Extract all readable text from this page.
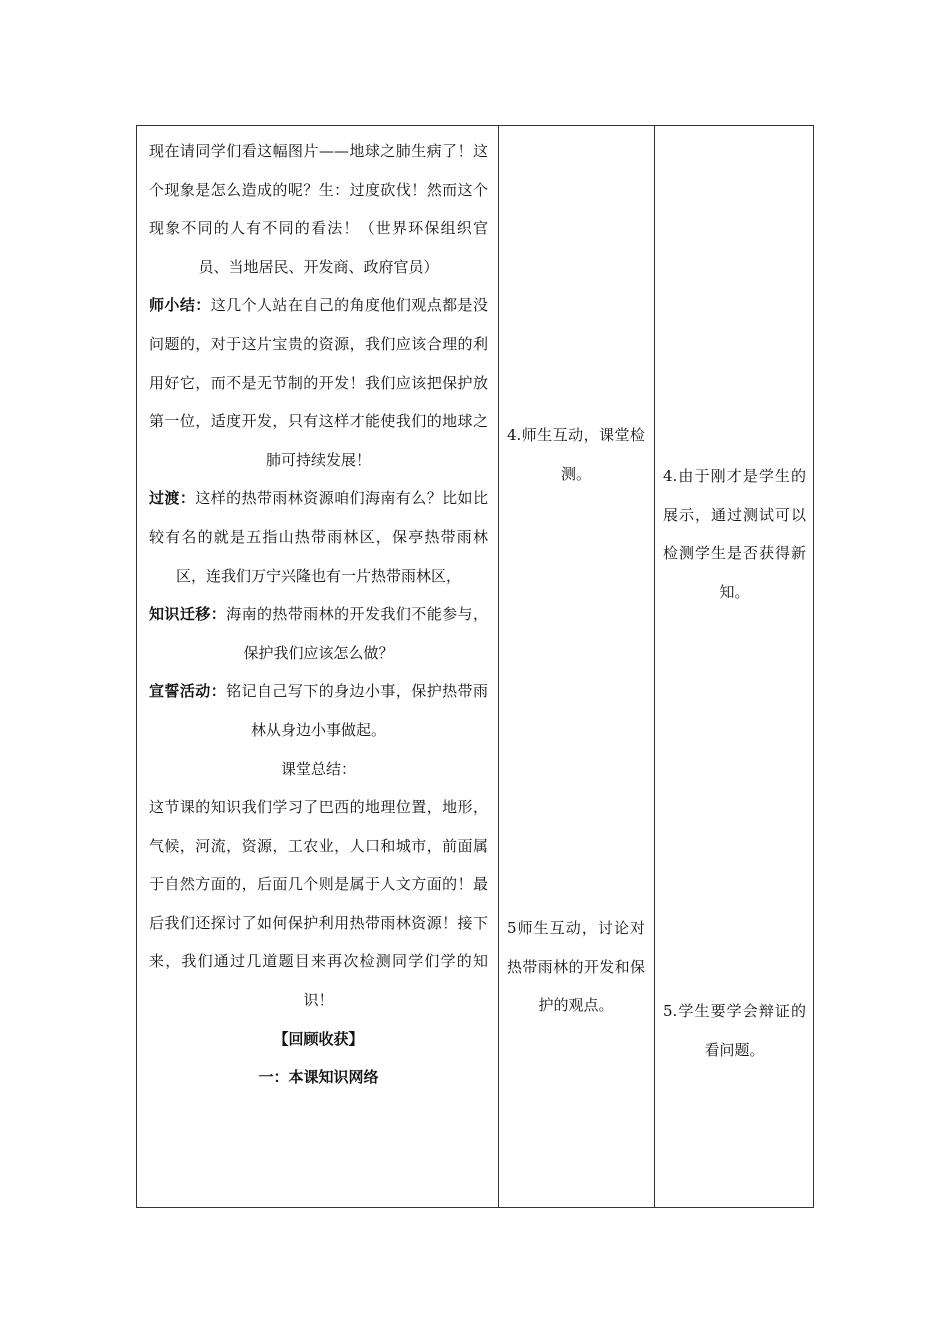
现在请同学们看这幅图片——地球之肺生病了！这个现象是怎么造成的呢？生：过度砍伐！然而这个现象不同的人有不同的看法！（世界环保组织官员、当地居民、开发商、政府官员）

师小结：这几个人站在自己的角度他们观点都是没问题的，对于这片宝贵的资源，我们应该合理的利用好它，而不是无节制的开发！我们应该把保护放第一位，适度开发，只有这样才能使我们的地球之肺可持续发展！

过渡：这样的热带雨林资源咱们海南有么？比如比较有名的就是五指山热带雨林区，保亭热带雨林区，连我们万宁兴隆也有一片热带雨林区，

知识迁移：海南的热带雨林的开发我们不能参与，保护我们应该怎么做？

宣誓活动：铭记自己写下的身边小事，保护热带雨林从身边小事做起。

课堂总结：

这节课的知识我们学习了巴西的地理位置，地形，气候，河流，资源，工农业，人口和城市，前面属于自然方面的，后面几个则是属于人文方面的！最后我们还探讨了如何保护利用热带雨林资源！接下来，我们通过几道题目来再次检测同学们学的知识！

【回顾收获】

一：本课知识网络

4.师生互动，课堂检测。

5师生互动，讨论对热带雨林的开发和保护的观点。

4.由于刚才是学生的展示，通过测试可以检测学生是否获得新知。

5.学生要学会辩证的看问题。
